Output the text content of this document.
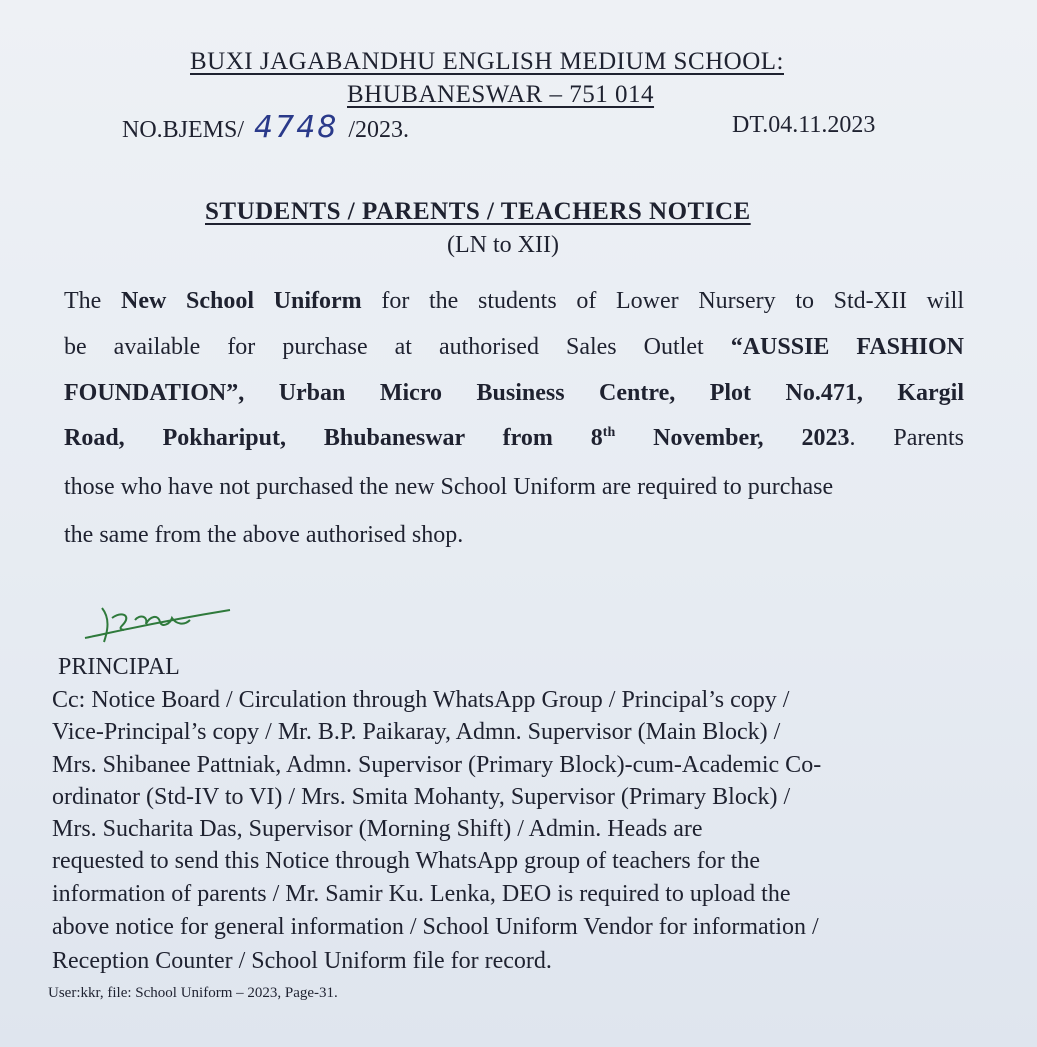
BUXI JAGABANDHU ENGLISH MEDIUM SCHOOL:
BHUBANESWAR – 751 014
NO.BJEMS/ 4748 /2023.	DT.04.11.2023
STUDENTS / PARENTS / TEACHERS NOTICE
(LN to XII)
The New School Uniform for the students of Lower Nursery to Std-XII will
be available for purchase at authorised Sales Outlet “AUSSIE FASHION
FOUNDATION”, Urban Micro Business Centre, Plot No.471, Kargil
Road, Pokhariput, Bhubaneswar from 8th November, 2023. Parents
those who have not purchased the new School Uniform are required to purchase
the same from the above authorised shop.
PRINCIPAL
Cc: Notice Board / Circulation through WhatsApp Group / Principal’s copy /
Vice-Principal’s copy / Mr. B.P. Paikaray, Admn. Supervisor (Main Block) /
Mrs. Shibanee Pattniak, Admn. Supervisor (Primary Block)-cum-Academic Co-
ordinator (Std-IV to VI) / Mrs. Smita Mohanty, Supervisor (Primary Block) /
Mrs. Sucharita Das, Supervisor (Morning Shift) / Admin. Heads are
requested to send this Notice through WhatsApp group of teachers for the
information of parents / Mr. Samir Ku. Lenka, DEO is required to upload the
above notice for general information / School Uniform Vendor for information /
Reception Counter / School Uniform file for record.
User:kkr, file: School Uniform – 2023, Page-31.
